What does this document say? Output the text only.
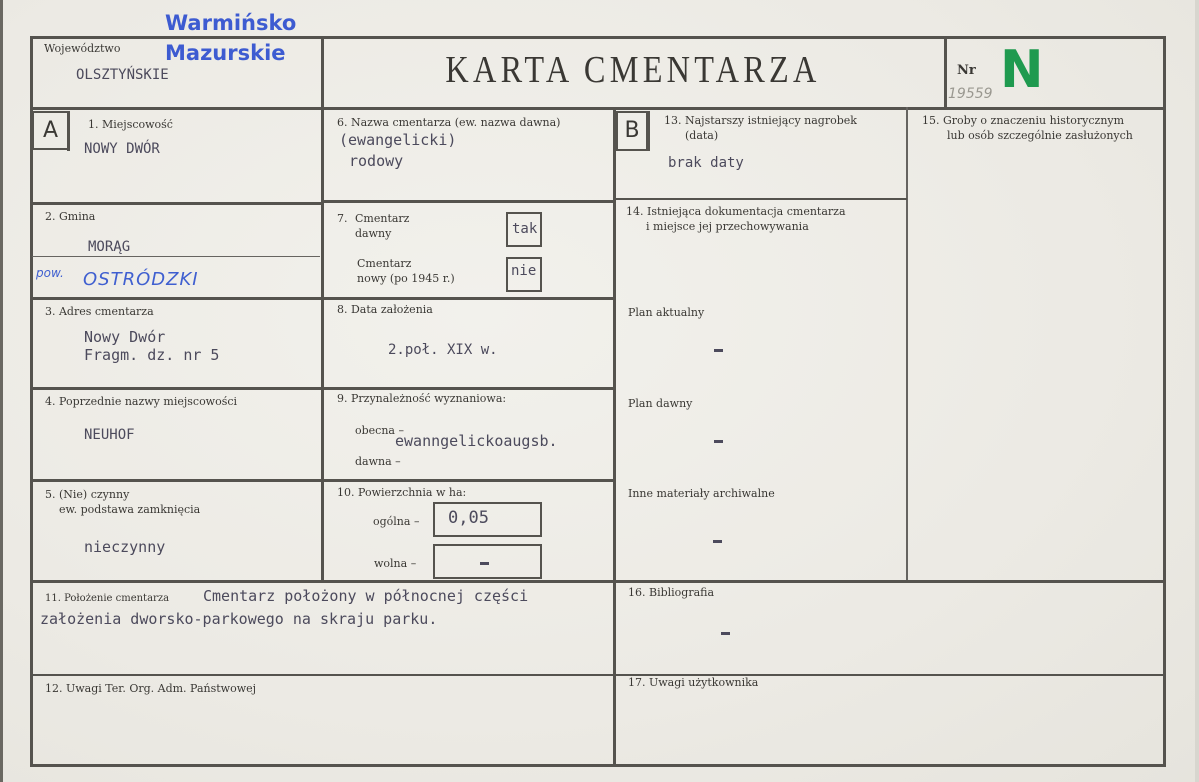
Warmińsko
Mazurskie
Województwo
OLSZTYŃSKIE	KARTA CMENTARZA	Nr N
19559
A	1. Miejscowość
NOWY DWÓR
2. Gmina
MORĄG
pow. OSTRÓDZKI
3. Adres cmentarza
Nowy Dwór
Fragm. dz. nr 5
4. Poprzednie nazwy miejscowości
NEUHOF
5. (Nie) czynny
ew. podstawa zamknięcia
nieczynny
6. Nazwa cmentarza (ew. nazwa dawna)
(ewangelicki)
rodowy
7. Cmentarz
dawny	tak
Cmentarz
nowy (po 1945 r.)	nie
8. Data założenia
2.poł. XIX w.
9. Przynależność wyznaniowa:
obecna –
ewanngelickoaugsb.
dawna –
10. Powierzchnia w ha:
ogólna – 0,05
wolna –
B	13. Najstarszy istniejący nagrobek
(data)
brak daty
14. Istniejąca dokumentacja cmentarza
i miejsce jej przechowywania
Plan aktualny
Plan dawny
Inne materiały archiwalne
15. Groby o znaczeniu historycznym
lub osób szczególnie zasłużonych
11. Położenie cmentarza Cmentarz położony w północnej części
założenia dworsko-parkowego na skraju parku.
12. Uwagi Ter. Org. Adm. Państwowej
16. Bibliografia
17. Uwagi użytkownika
